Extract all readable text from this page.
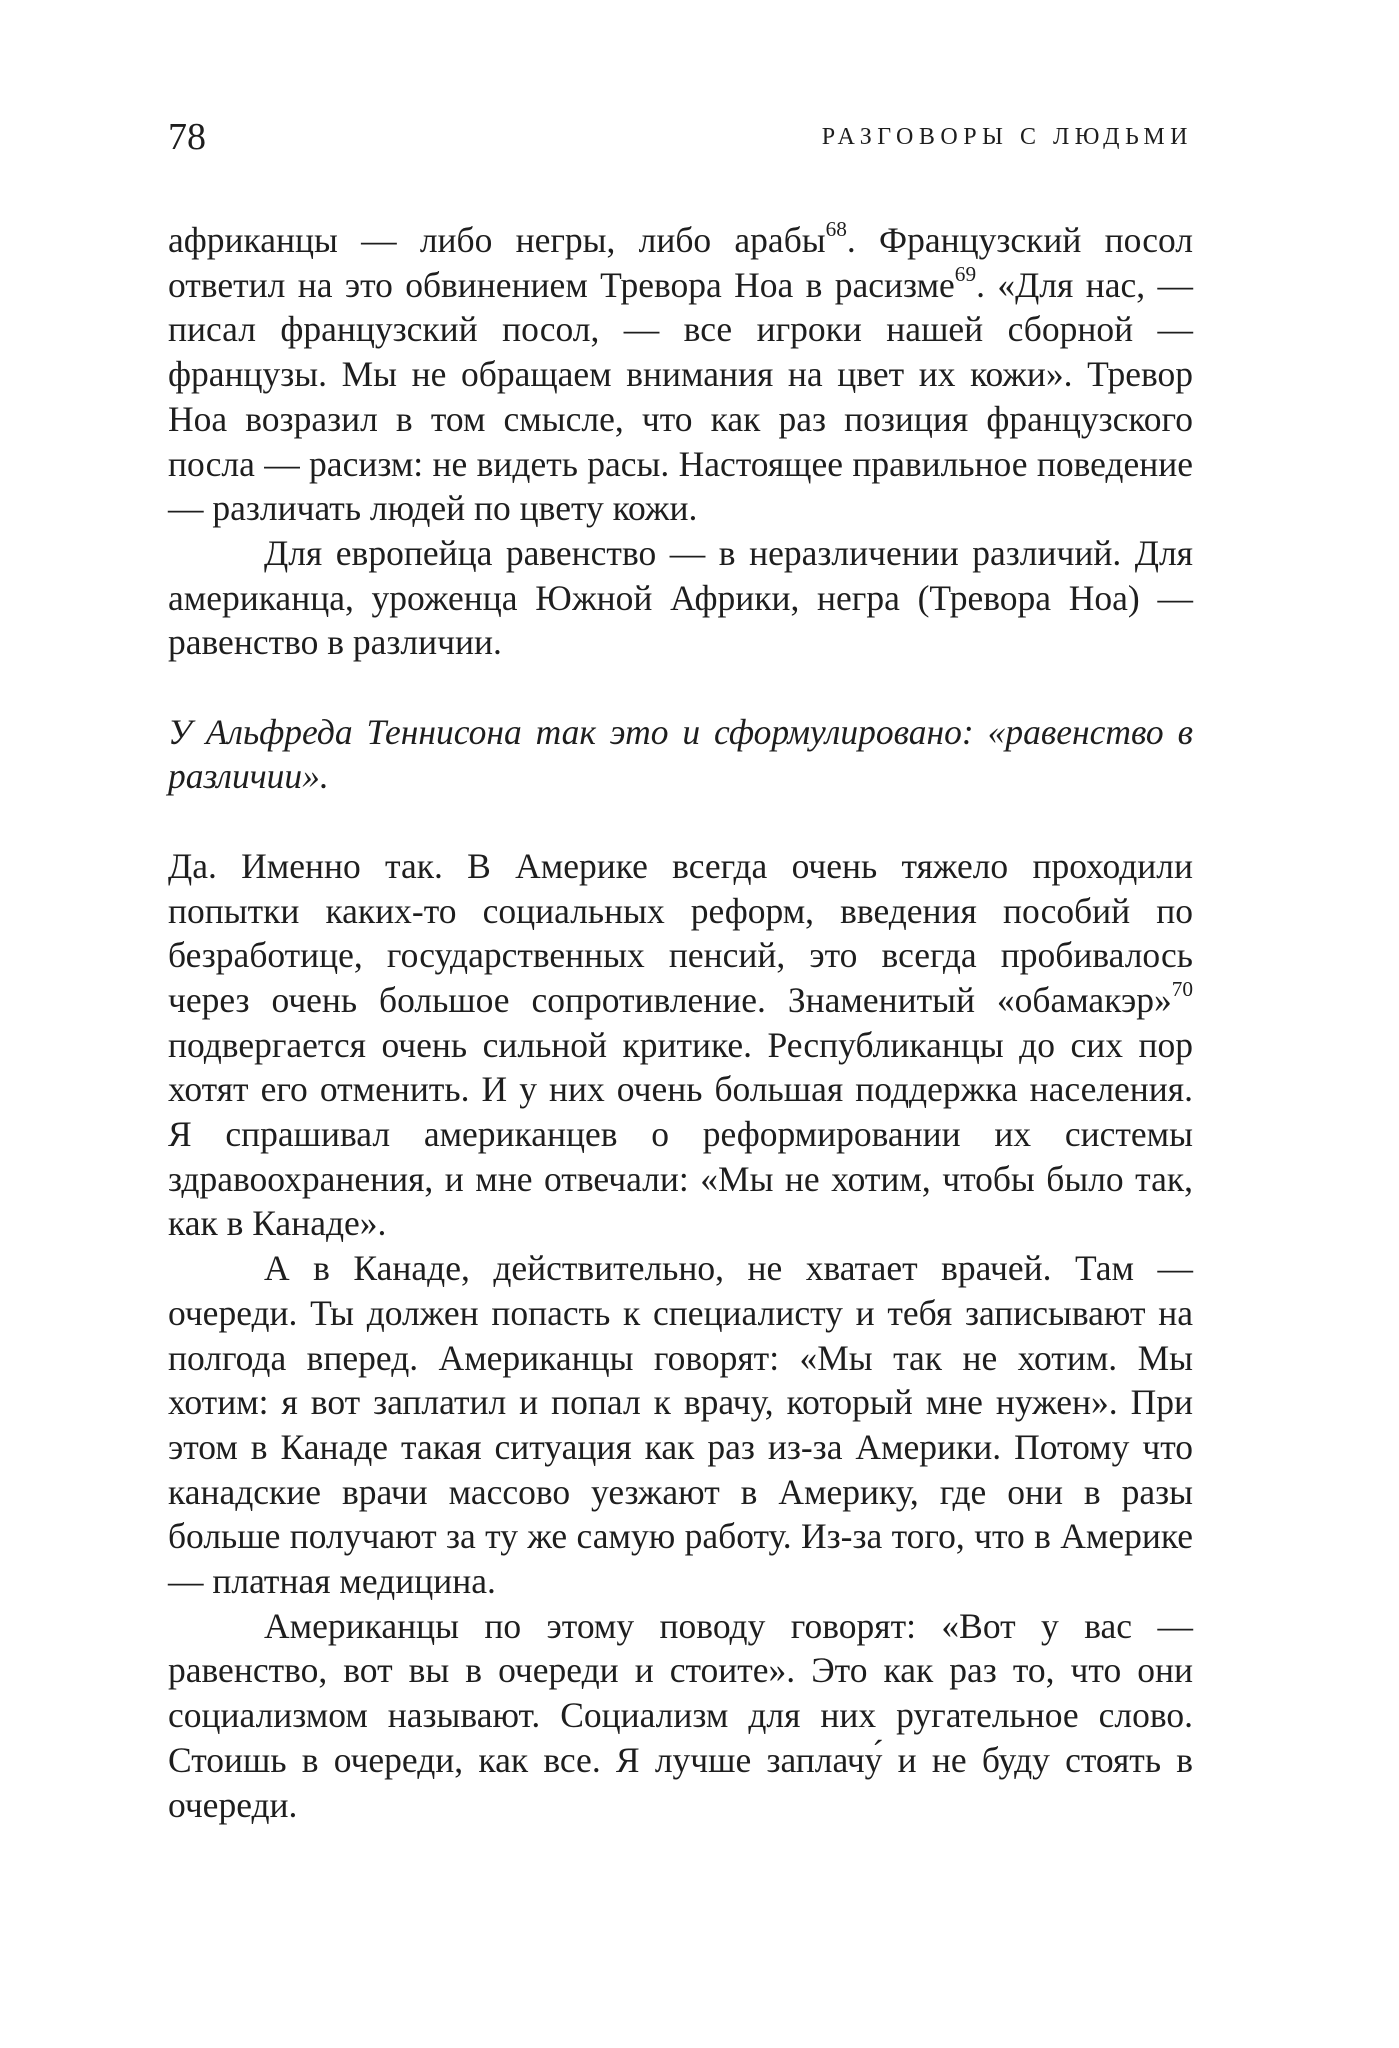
78	РАЗГОВОРЫ С ЛЮДЬМИ

африканцы — либо негры, либо арабы$^{68}$. Французский посол ответил на это обвинением Тревора Ноа в расизме$^{69}$. «Для нас, — писал французский посол, — все игроки нашей сборной — французы. Мы не обращаем внимания на цвет их кожи». Тревор Ноа возразил в том смысле, что как раз позиция французского посла — расизм: не видеть расы. Настоящее правильное поведение — различать людей по цвету кожи.

Для европейца равенство — в неразличении различий. Для американца, уроженца Южной Африки, негра (Тревора Ноа) — равенство в различии.

У Альфреда Теннисона так это и сформулировано: «равенство в различии».

Да. Именно так. В Америке всегда очень тяжело проходили попытки каких-то социальных реформ, введения пособий по безработице, государственных пенсий, это всегда пробивалось через очень большое сопротивление. Знаменитый «обамакэр»$^{70}$ подвергается очень сильной критике. Республиканцы до сих пор хотят его отменить. И у них очень большая поддержка населения. Я спрашивал американцев о реформировании их системы здравоохранения, и мне отвечали: «Мы не хотим, чтобы было так, как в Канаде».

А в Канаде, действительно, не хватает врачей. Там — очереди. Ты должен попасть к специалисту и тебя записывают на полгода вперед. Американцы говорят: «Мы так не хотим. Мы хотим: я вот заплатил и попал к врачу, который мне нужен». При этом в Канаде такая ситуация как раз из-за Америки. Потому что канадские врачи массово уезжают в Америку, где они в разы больше получают за ту же самую работу. Из-за того, что в Америке — платная медицина.

Американцы по этому поводу говорят: «Вот у вас — равенство, вот вы в очереди и стоите». Это как раз то, что они социализмом называют. Социализм для них ругательное слово. Стоишь в очереди, как все. Я лучше заплачу́ и не буду стоять в очереди.
